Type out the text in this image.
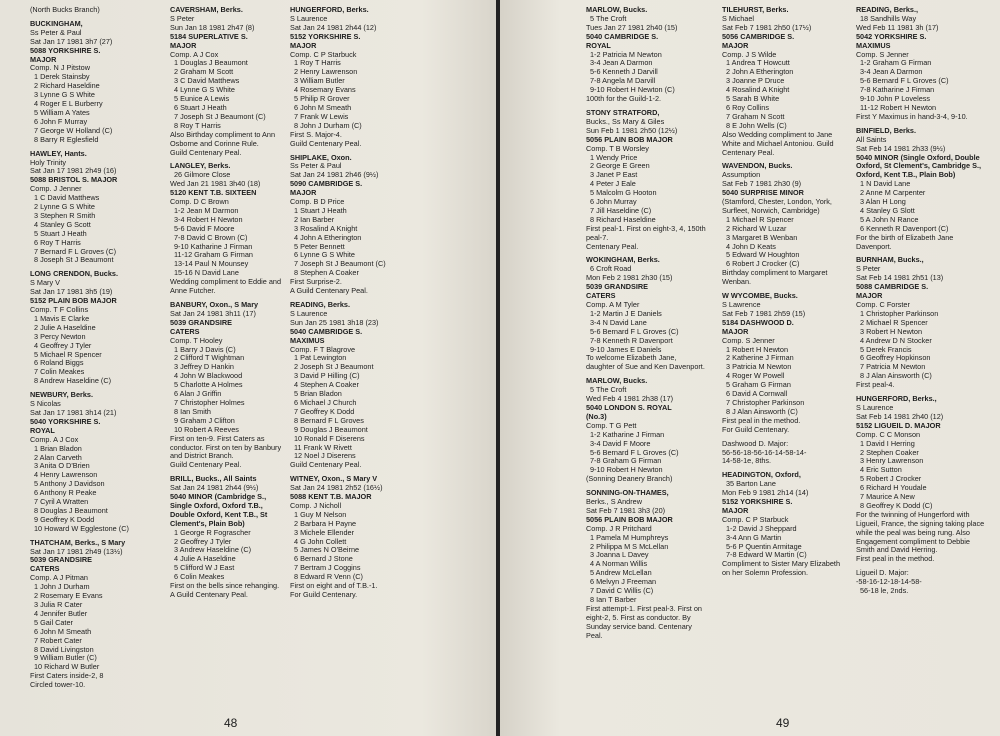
(North Bucks Branch)
BUCKINGHAM,
Ss Peter & Paul
Sat Jan 17 1981 3h7 (27)
5088 YORKSHIRE S.
MAJOR
Comp. N J Pitstow
1 Derek Stainsby
2 Richard Haseldine
3 Lynne G S White
4 Roger E L Burberry
5 William A Yates
6 John F Murray
7 George W Holland (C)
8 Barry R Eglesfield
HAWLEY, Hants.
Holy Trinity
Sat Jan 17 1981 2h49 (16)
5088 BRISTOL S. MAJOR
Comp. J Jenner
1 C David Matthews
2 Lynne G S White
3 Stephen R Smith
4 Stanley G Scott
5 Stuart J Heath
6 Roy T Harris
7 Bernard F L Groves (C)
8 Joseph St J Beaumont
LONG CRENDON, Bucks.
S Mary V
Sat Jan 17 1981 3h5 (19)
5152 PLAIN BOB MAJOR
Comp. T F Collins
1 Mavis E Clarke
2 Julie A Haseldine
3 Percy Newton
4 Geoffrey J Tyler
5 Michael R Spencer
6 Roland Biggs
7 Colin Meakes
8 Andrew Haseldine (C)
NEWBURY, Berks.
S Nicolas
Sat Jan 17 1981 3h14 (21)
5040 YORKSHIRE S.
ROYAL
Comp. A J Cox
1 Brian Bladon
2 Alan Carveth
3 Anita O D'Brien
4 Henry Lawrenson
5 Anthony J Davidson
6 Anthony R Peake
7 Cyril A Wratten
8 Douglas J Beaumont
9 Geoffrey K Dodd
10 Howard W Egglestone (C)
THATCHAM, Berks., S Mary
Sat Jan 17 1981 2h49 (13½)
5039 GRANDSIRE
CATERS
Comp. A J Pitman
1 John J Durham
2 Rosemary E Evans
3 Julia R Cater
4 Jennifer Butler
5 Gail Cater
6 John M Smeath
7 Robert Cater
8 David Livingston
9 William Butler (C)
10 Richard W Butler
First Caters inside-2, 8
Circled tower-10.
CAVERSHAM, Berks.
S Peter
Sun Jan 18 1981 2h47 (8)
5184 SUPERLATIVE S.
MAJOR
Comp. A J Cox
1 Douglas J Beaumont
2 Graham M Scott
3 C David Matthews
4 Lynne G S White
5 Eunice A Lewis
6 Stuart J Heath
7 Joseph St J Beaumont (C)
8 Roy T Harris
Also Birthday compliment to Ann Osborne and Corinne Rule.
Guild Centenary Peal.
LANGLEY, Berks.
26 Gilmore Close
Wed Jan 21 1981 3h40 (18)
5120 KENT T.B. SIXTEEN
Comp. D C Brown
1-2 Jean M Darmon
3-4 Robert H Newton
5-6 David F Moore
7-8 David C Brown (C)
9-10 Katharine J Firman
11-12 Graham G Firman
13-14 Paul N Mounsey
15-16 N David Lane
Wedding compliment to Eddie and Anne Futcher.
BANBURY, Oxon., S Mary
Sat Jan 24 1981 3h11 (17)
5039 GRANDSIRE
CATERS
Comp. T Hooley
1 Barry J Davis (C)
2 Clifford T Wightman
3 Jeffrey D Hankin
4 John W Blackwood
5 Charlotte A Holmes
6 Alan J Griffin
7 Christopher Holmes
8 Ian Smith
9 Graham J Clifton
10 Robert A Reeves
First on ten-9. First Caters as conductor. First on ten by Banbury and District Branch.
Guild Centenary Peal.
BRILL, Bucks., All Saints
Sat Jan 24 1981 2h44 (9½)
5040 MINOR (Cambridge S., Single Oxford, Oxford T.B., Double Oxford, Kent T.B., St Clement's, Plain Bob)
1 George R Fograscher
2 Geoffrey J Tyler
3 Andrew Haseldine (C)
4 Julie A Haseldine
5 Clifford W J East
6 Colin Meakes
First on the bells since rehanging.
A Guild Centenary Peal.
HUNGERFORD, Berks.
S Laurence
Sat Jan 24 1981 2h44 (12)
5152 YORKSHIRE S.
MAJOR
Comp. C P Starbuck
1 Roy T Harris
2 Henry Lawrenson
3 William Butler
4 Rosemary Evans
5 Philip R Grover
6 John M Smeath
7 Frank W Lewis
8 John J Durham (C)
First S. Major-4.
Guild Centenary Peal.
SHIPLAKE, Oxon.
Ss Peter & Paul
Sat Jan 24 1981 2h46 (9½)
5090 CAMBRIDGE S.
MAJOR
Comp. B D Price
1 Stuart J Heath
2 Ian Barber
3 Rosalind A Knight
4 John A Etherington
5 Peter Bennett
6 Lynne G S White
7 Joseph St J Beaumont (C)
8 Stephen A Coaker
First Surprise-2.
A Guild Centenary Peal.
READING, Berks.
S Laurence
Sun Jan 25 1981 3h18 (23)
5040 CAMBRIDGE S.
MAXIMUS
Comp. F T Blagrove
1 Pat Lewington
2 Joseph St J Beaumont
3 David P Hilling (C)
4 Stephen A Coaker
5 Brian Bladon
6 Michael J Church
7 Geoffrey K Dodd
8 Bernard F L Groves
9 Douglas J Beaumont
10 Ronald F Diserens
11 Frank W Rivett
12 Noel J Diserens
Guild Centenary Peal.
WITNEY, Oxon., S Mary V
Sat Jan 24 1981 2h52 (16½)
5088 KENT T.B. MAJOR
Comp. J Nicholl
1 Guy M Nelson
2 Barbara H Payne
3 Michele Ellender
4 G John Collett
5 James N O'Beirne
6 Bernard J Stone
7 Bertram J Coggins
8 Edward R Venn (C)
First on eight and of T.B.-1.
For Guild Centenary.
48
MARLOW, Bucks.
5 The Croft
Tues Jan 27 1981 2h40 (15)
5040 CAMBRIDGE S.
ROYAL
1-2 Patricia M Newton
3-4 Jean A Darmon
5-6 Kenneth J Darvill
7-8 Angela M Darvill
9-10 Robert H Newton (C)
100th for the Guild-1-2.
STONY STRATFORD,
Bucks., Ss Mary & Giles
Sun Feb 1 1981 2h50 (12½)
5056 PLAIN BOB MAJOR
Comp. T B Worsley
1 Wendy Price
2 George E Green
3 Janet P East
4 Peter J Eale
5 Malcolm G Hooton
6 John Murray
7 Jill Haseldine (C)
8 Richard Haseldine
First peal-1. First on eight-3, 4, 150th peal-7.
Centenary Peal.
WOKINGHAM, Berks.
6 Croft Road
Mon Feb 2 1981 2h30 (15)
5039 GRANDSIRE
CATERS
Comp. A M Tyler
1-2 Martin J E Daniels
3-4 N David Lane
5-6 Bernard F L Groves (C)
7-8 Kenneth R Davenport
9-10 James E Daniels
To welcome Elizabeth Jane, daughter of Sue and Ken Davenport.
MARLOW, Bucks.
5 The Croft
Wed Feb 4 1981 2h38 (17)
5040 LONDON S. ROYAL
(No.3)
Comp. T G Pett
1-2 Katharine J Firman
3-4 David F Moore
5-6 Bernard F L Groves (C)
7-8 Graham G Firman
9-10 Robert H Newton
(Sonning Deanery Branch)
SONNING-ON-THAMES,
Berks., S Andrew
Sat Feb 7 1981 3h3 (20)
5056 PLAIN BOB MAJOR
Comp. J R Pritchard
1 Pamela M Humphreys
2 Philippa M S McLellan
3 Joanna L Davey
4 A Norman Willis
5 Andrew McLellan
6 Melvyn J Freeman
7 David C Willis (C)
8 Ian T Barber
First attempt-1. First peal-3. First on eight-2, 5. First as conductor. By Sunday service band. Centenary Peal.
TILEHURST, Berks.
S Michael
Sat Feb 7 1981 2h50 (17½)
5056 CAMBRIDGE S.
MAJOR
Comp. J S Wilde
1 Andrea T Howcutt
2 John A Etherington
3 Joanne P Druce
4 Rosalind A Knight
5 Sarah B White
6 Roy Collins
7 Graham N Scott
8 E John Wells (C)
Also Wedding compliment to Jane White and Michael Antoniou. Guild Centenary Peal.
WAVENDON, Bucks.
Assumption
Sat Feb 7 1981 2h30 (9)
5040 SURPRISE MINOR
(Stamford, Chester, London, York, Surfleet, Norwich, Cambridge)
1 Michael R Spencer
2 Richard W Luzar
3 Margaret B Wenban
4 John D Keats
5 Edward W Houghton
6 Robert J Crocker (C)
Birthday compliment to Margaret Wenban.
W WYCOMBE, Bucks.
S Lawrence
Sat Feb 7 1981 2h59 (15)
5184 DASHWOOD D.
MAJOR
Comp. S Jenner
1 Robert H Newton
2 Katherine J Firman
3 Patricia M Newton
4 Roger W Powell
5 Graham G Firman
6 David A Cornwall
7 Christopher Parkinson
8 J Alan Ainsworth (C)
First peal in the method.
For Guild Centenary.
Dashwood D. Major:
56-56-18-56-16-14-58-14-
14-58-1e, 8ths.
HEADINGTON, Oxford,
35 Barton Lane
Mon Feb 9 1981 2h14 (14)
5152 YORKSHIRE S.
MAJOR
Comp. C P Starbuck
1-2 David J Sheppard
3-4 Ann G Martin
5-6 P Quentin Armitage
7-8 Edward W Martin (C)
Compliment to Sister Mary Elizabeth on her Solemn Profession.
READING, Berks.,
18 Sandhills Way
Wed Feb 11 1981 3h (17)
5042 YORKSHIRE S.
MAXIMUS
Comp. S Jenner
1-2 Graham G Firman
3-4 Jean A Darmon
5-6 Bernard F L Groves (C)
7-8 Katharine J Firman
9-10 John P Loveless
11-12 Robert H Newton
First Y Maximus in hand-3-4, 9-10.
BINFIELD, Berks.
All Saints
Sat Feb 14 1981 2h33 (9½)
5040 MINOR (Single Oxford, Double Oxford, St Clement's, Cambridge S., Oxford, Kent T.B., Plain Bob)
1 N David Lane
2 Anne M Carpenter
3 Alan H Long
4 Stanley G Slott
5 A John N Rance
6 Kenneth R Davenport (C)
For the birth of Elizabeth Jane Davenport.
BURNHAM, Bucks.,
S Peter
Sat Feb 14 1981 2h51 (13)
5088 CAMBRIDGE S.
MAJOR
Comp. C Forster
1 Christopher Parkinson
2 Michael R Spencer
3 Robert H Newton
4 Andrew D N Stocker
5 Derek Francis
6 Geoffrey Hopkinson
7 Patricia M Newton
8 J Alan Ainsworth (C)
First peal-4.
HUNGERFORD, Berks.,
S Laurence
Sat Feb 14 1981 2h40 (12)
5152 LIGUEIL D. MAJOR
Comp. C C Monson
1 David I Herring
2 Stephen Coaker
3 Henry Lawrenson
4 Eric Sutton
5 Robert J Crocker
6 Richard H Youdale
7 Maurice A New
8 Geoffrey K Dodd (C)
For the twinning of Hungerford with Ligueil, France, the signing taking place while the peal was being rung. Also Engagement compliment to Debbie Smith and David Herring.
First peal in the method.
Ligueil D. Major:
-58-16-12-18-14-58-
56-18 le, 2nds.
49
